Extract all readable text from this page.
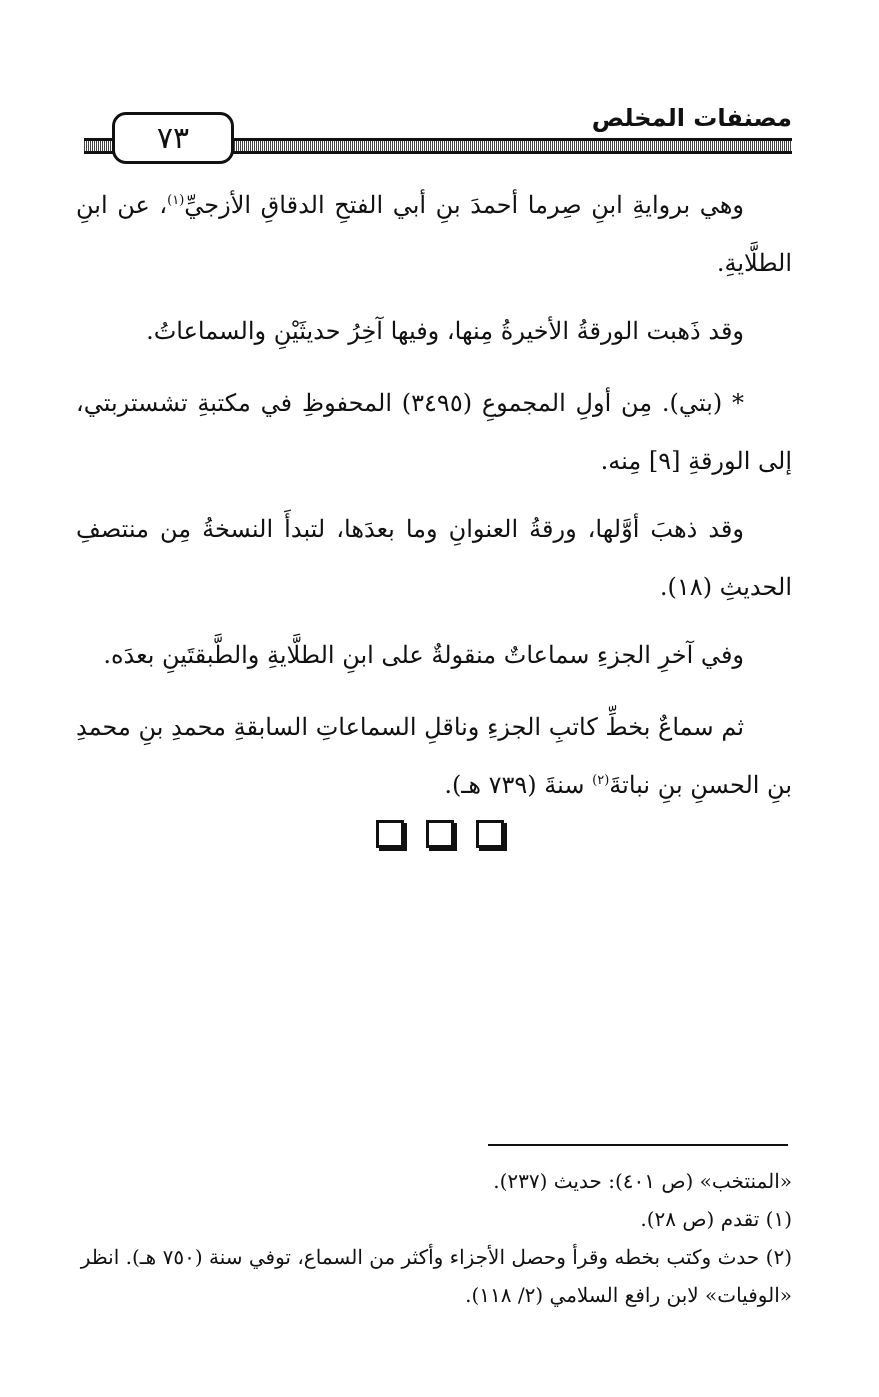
٧٣
مصنفات المخلص

وهي بروايةِ ابنِ صِرما أحمدَ بنِ أبي الفتحِ الدقاقِ الأزجيِّ$^{(١)}$، عن ابنِ الطلَّايةِ.

وقد ذَهبت الورقةُ الأخيرةُ مِنها، وفيها آخِرُ حديثَيْنِ والسماعاتُ.

* (بتي). مِن أولِ المجموعِ (٣٤٩٥) المحفوظِ في مكتبةِ تشستربتي، إلى الورقةِ [٩] مِنه.

وقد ذهبَ أوَّلها، ورقةُ العنوانِ وما بعدَها، لتبدأَ النسخةُ مِن منتصفِ الحديثِ (١٨).

وفي آخرِ الجزءِ سماعاتٌ منقولةٌ على ابنِ الطلَّايةِ والطَّبقتَينِ بعدَه.

ثم سماعٌ بخطِّ كاتبِ الجزءِ وناقلِ السماعاتِ السابقةِ محمدِ بنِ محمدِ بنِ الحسنِ بنِ نباتةَ$^{(٢)}$ سنةَ (٧٣٩ هـ).

«المنتخب» (ص ٤٠١): حديث (٢٣٧).

(١) تقدم (ص ٢٨).

(٢) حدث وكتب بخطه وقرأ وحصل الأجزاء وأكثر من السماع، توفي سنة (٧٥٠ هـ). انظر «الوفيات» لابن رافع السلامي (٢/ ١١٨).
